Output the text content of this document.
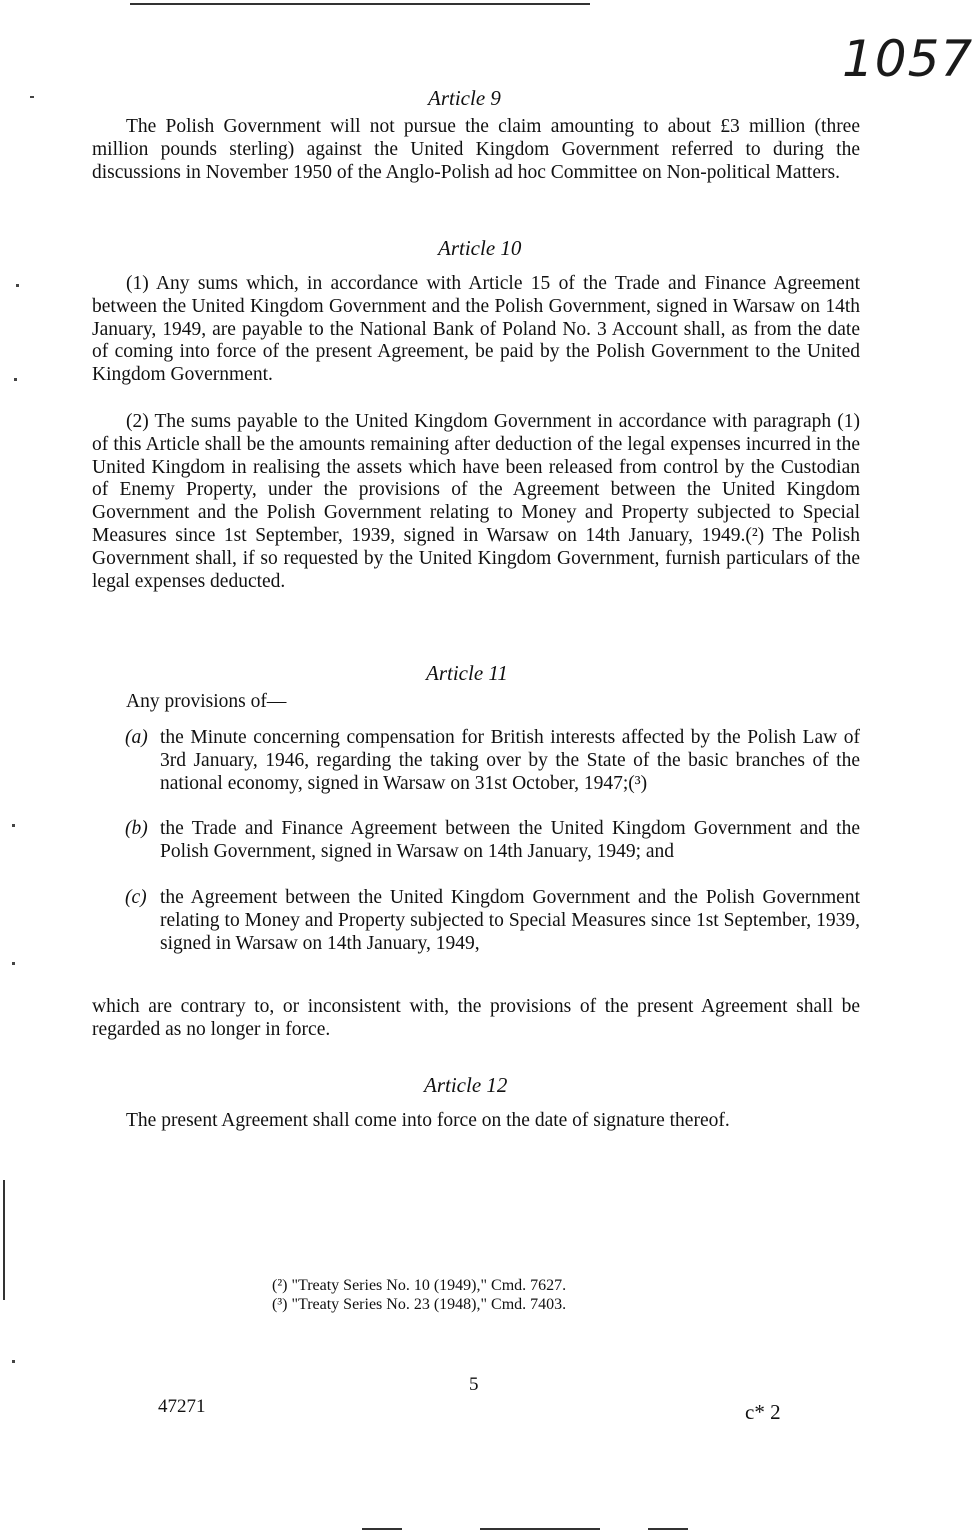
1057
Article 9

The Polish Government will not pursue the claim amounting to about £3 million (three million pounds sterling) against the United Kingdom Government referred to during the discussions in November 1950 of the Anglo-Polish ad hoc Committee on Non-political Matters.

Article 10

(1) Any sums which, in accordance with Article 15 of the Trade and Finance Agreement between the United Kingdom Government and the Polish Government, signed in Warsaw on 14th January, 1949, are payable to the National Bank of Poland No. 3 Account shall, as from the date of coming into force of the present Agreement, be paid by the Polish Government to the United Kingdom Government.

(2) The sums payable to the United Kingdom Government in accordance with paragraph (1) of this Article shall be the amounts remaining after deduction of the legal expenses incurred in the United Kingdom in realising the assets which have been released from control by the Custodian of Enemy Property, under the provisions of the Agreement between the United Kingdom Government and the Polish Government relating to Money and Property subjected to Special Measures since 1st September, 1939, signed in Warsaw on 14th January, 1949.(²) The Polish Government shall, if so requested by the United Kingdom Government, furnish particulars of the legal expenses deducted.

Article 11
Any provisions of—
(a) the Minute concerning compensation for British interests affected by the Polish Law of 3rd January, 1946, regarding the taking over by the State of the basic branches of the national economy, signed in Warsaw on 31st October, 1947;(³)
(b) the Trade and Finance Agreement between the United Kingdom Government and the Polish Government, signed in Warsaw on 14th January, 1949; and
(c) the Agreement between the United Kingdom Government and the Polish Government relating to Money and Property subjected to Special Measures since 1st September, 1939, signed in Warsaw on 14th January, 1949,

which are contrary to, or inconsistent with, the provisions of the present Agreement shall be regarded as no longer in force.

Article 12

The present Agreement shall come into force on the date of signature thereof.

(²) "Treaty Series No. 10 (1949)," Cmd. 7627.
(³) "Treaty Series No. 23 (1948)," Cmd. 7403.
47271
5
c* 2
